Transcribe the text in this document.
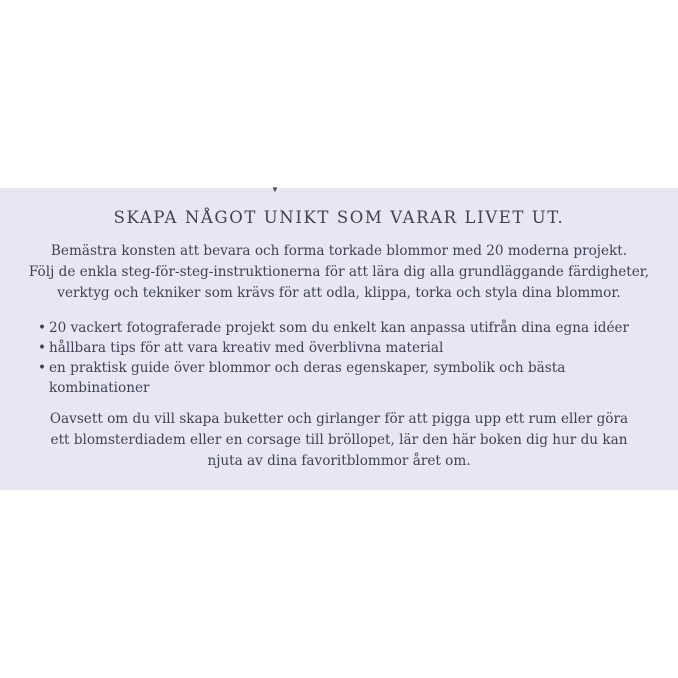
▼
SKAPA NÅGOT UNIKT SOM VARAR LIVET UT.
Bemästra konsten att bevara och forma torkade blommor med 20 moderna projekt.
Följ de enkla steg-för-steg-instruktionerna för att lära dig alla grundläggande färdigheter,
verktyg och tekniker som krävs för att odla, klippa, torka och styla dina blommor.
• 20 vackert fotograferade projekt som du enkelt kan anpassa utifrån dina egna idéer
• hållbara tips för att vara kreativ med överblivna material
• en praktisk guide över blommor och deras egenskaper, symbolik och bästa
kombinationer
Oavsett om du vill skapa buketter och girlanger för att pigga upp ett rum eller göra
ett blomsterdiadem eller en corsage till bröllopet, lär den här boken dig hur du kan
njuta av dina favoritblommor året om.
